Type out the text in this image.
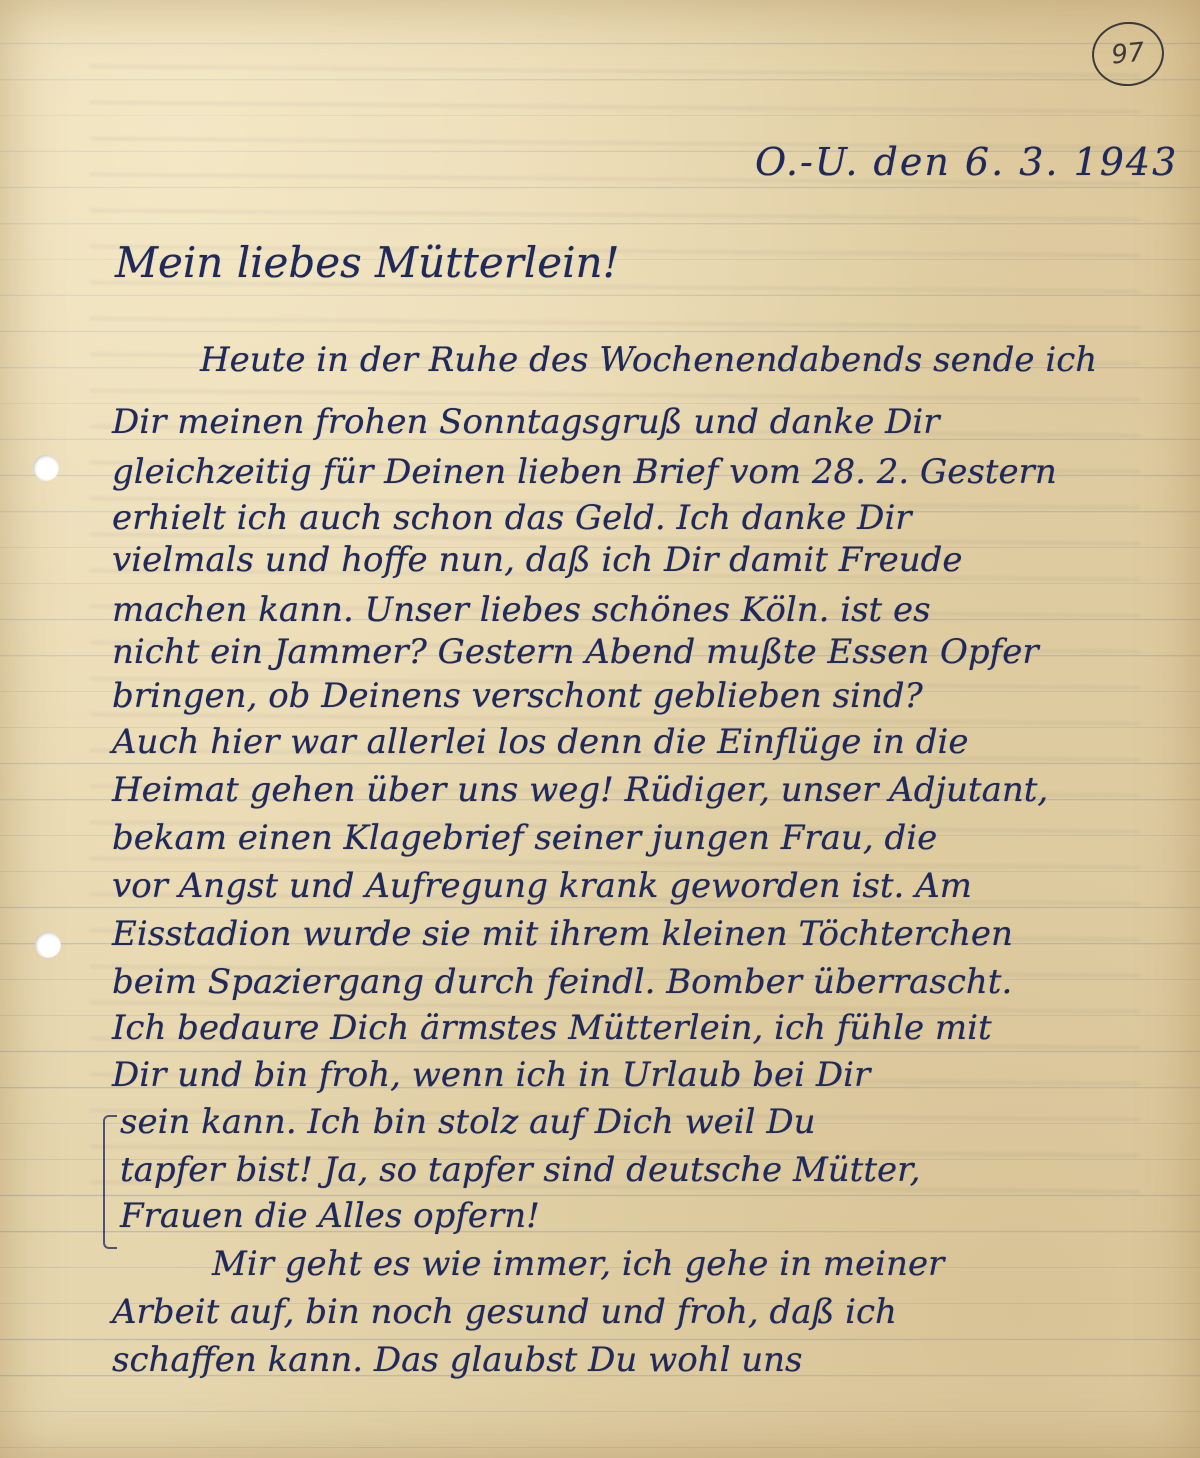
97
O.-U. den 6. 3. 1943
Mein liebes Mütterlein!
Heute in der Ruhe des Wochenendabends sende ich
Dir meinen frohen Sonntagsgruß und danke Dir
gleichzeitig für Deinen lieben Brief vom 28. 2. Gestern
erhielt ich auch schon das Geld. Ich danke Dir
vielmals und hoffe nun, daß ich Dir damit Freude
machen kann. Unser liebes schönes Köln. ist es
nicht ein Jammer? Gestern Abend mußte Essen Opfer
bringen, ob Deinens verschont geblieben sind?
Auch hier war allerlei los denn die Einflüge in die
Heimat gehen über uns weg! Rüdiger, unser Adjutant,
bekam einen Klagebrief seiner jungen Frau, die
vor Angst und Aufregung krank geworden ist. Am
Eisstadion wurde sie mit ihrem kleinen Töchterchen
beim Spaziergang durch feindl. Bomber überrascht.
Ich bedaure Dich ärmstes Mütterlein, ich fühle mit
Dir und bin froh, wenn ich in Urlaub bei Dir
sein kann. Ich bin stolz auf Dich weil Du
tapfer bist! Ja, so tapfer sind deutsche Mütter,
Frauen die Alles opfern!
Mir geht es wie immer, ich gehe in meiner
Arbeit auf, bin noch gesund und froh, daß ich
schaffen kann. Das glaubst Du wohl uns
